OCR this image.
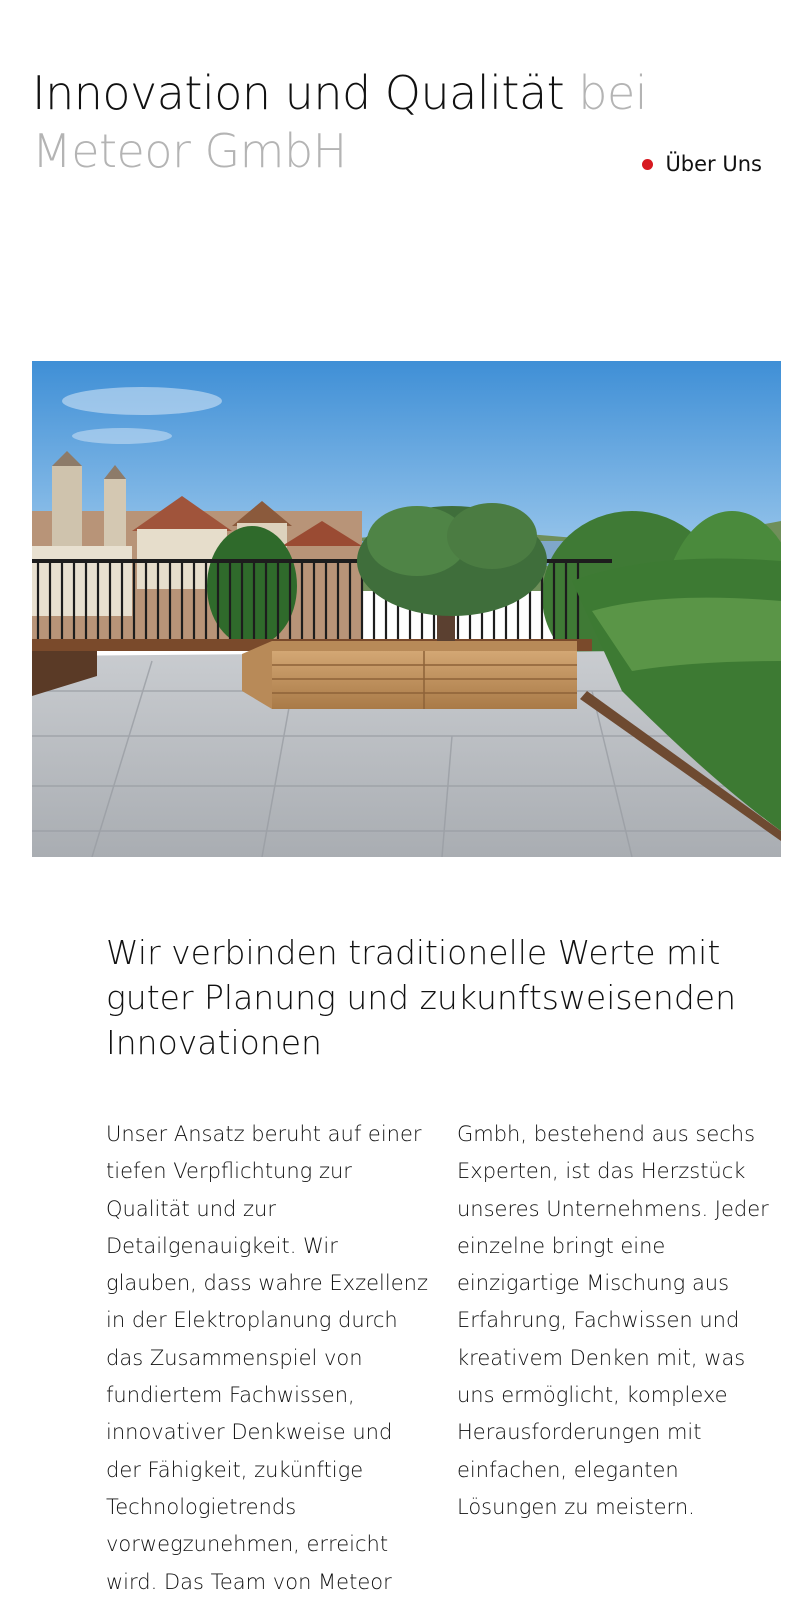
Innovation und Qualität bei Meteor GmbH	Über Uns
Wir verbinden traditionelle Werte mit guter Planung und zukunftsweisenden Innovationen

Unser Ansatz beruht auf einer tiefen Verpflichtung zur Qualität und zur Detailgenauigkeit. Wir glauben, dass wahre Exzellenz in der Elektroplanung durch das Zusammenspiel von fundiertem Fachwissen, innovativer Denkweise und der Fähigkeit, zukünftige Technologietrends vorwegzunehmen, erreicht wird. Das Team von Meteor Gmbh, bestehend aus sechs Experten, ist das Herzstück unseres Unternehmens. Jeder einzelne bringt eine einzigartige Mischung aus Erfahrung, Fachwissen und kreativem Denken mit, was uns ermöglicht, komplexe Herausforderungen mit einfachen, eleganten Lösungen zu meistern.
